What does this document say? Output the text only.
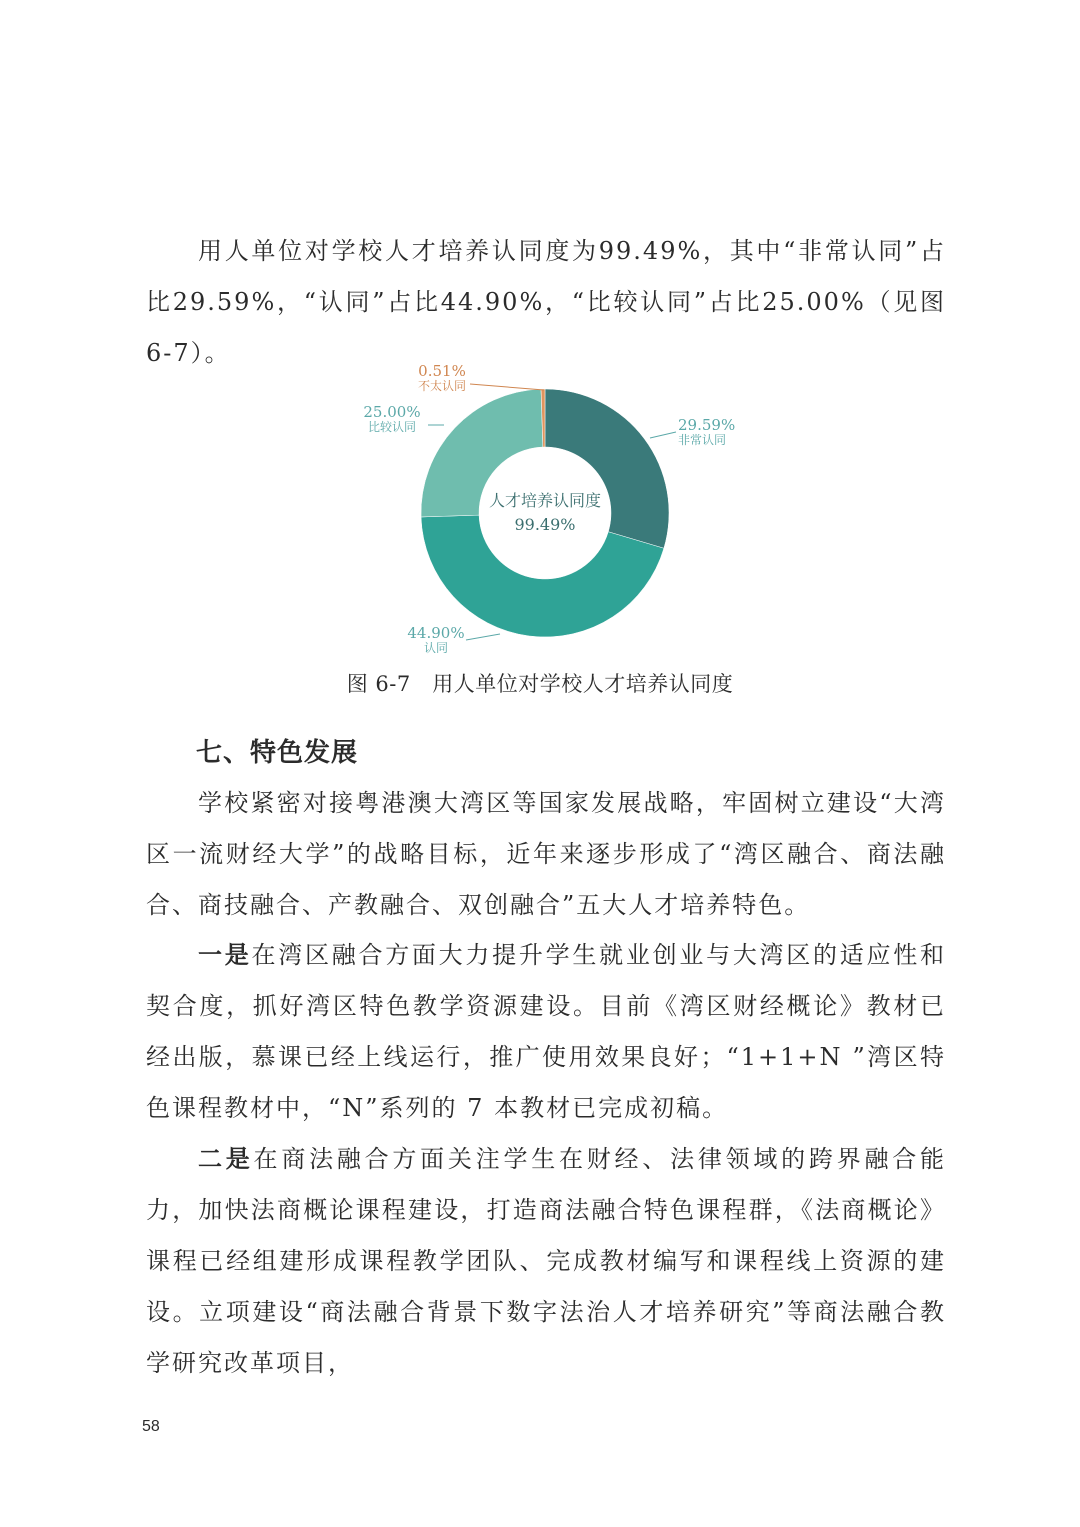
用人单位对学校人才培养认同度为99.49%，其中“非常认同”占比29.59%，“认同”占比44.90%，“比较认同”占比25.00%（见图6-7）。

29.59%
非常认同
44.90%
认同
25.00%
比较认同
0.51%
不太认同
人才培养认同度
99.49%

图 6-7　用人单位对学校人才培养认同度

七、特色发展

学校紧密对接粤港澳大湾区等国家发展战略，牢固树立建设“大湾区一流财经大学”的战略目标，近年来逐步形成了“湾区融合、商法融合、商技融合、产教融合、双创融合”五大人才培养特色。

一是在湾区融合方面大力提升学生就业创业与大湾区的适应性和契合度，抓好湾区特色教学资源建设。目前《湾区财经概论》教材已经出版，慕课已经上线运行，推广使用效果良好；“1+1+N ”湾区特色课程教材中，“N”系列的 7 本教材已完成初稿。

二是在商法融合方面关注学生在财经、法律领域的跨界融合能力，加快法商概论课程建设，打造商法融合特色课程群，《法商概论》课程已经组建形成课程教学团队、完成教材编写和课程线上资源的建设。立项建设“商法融合背景下数字法治人才培养研究”等商法融合教学研究改革项目，

58
